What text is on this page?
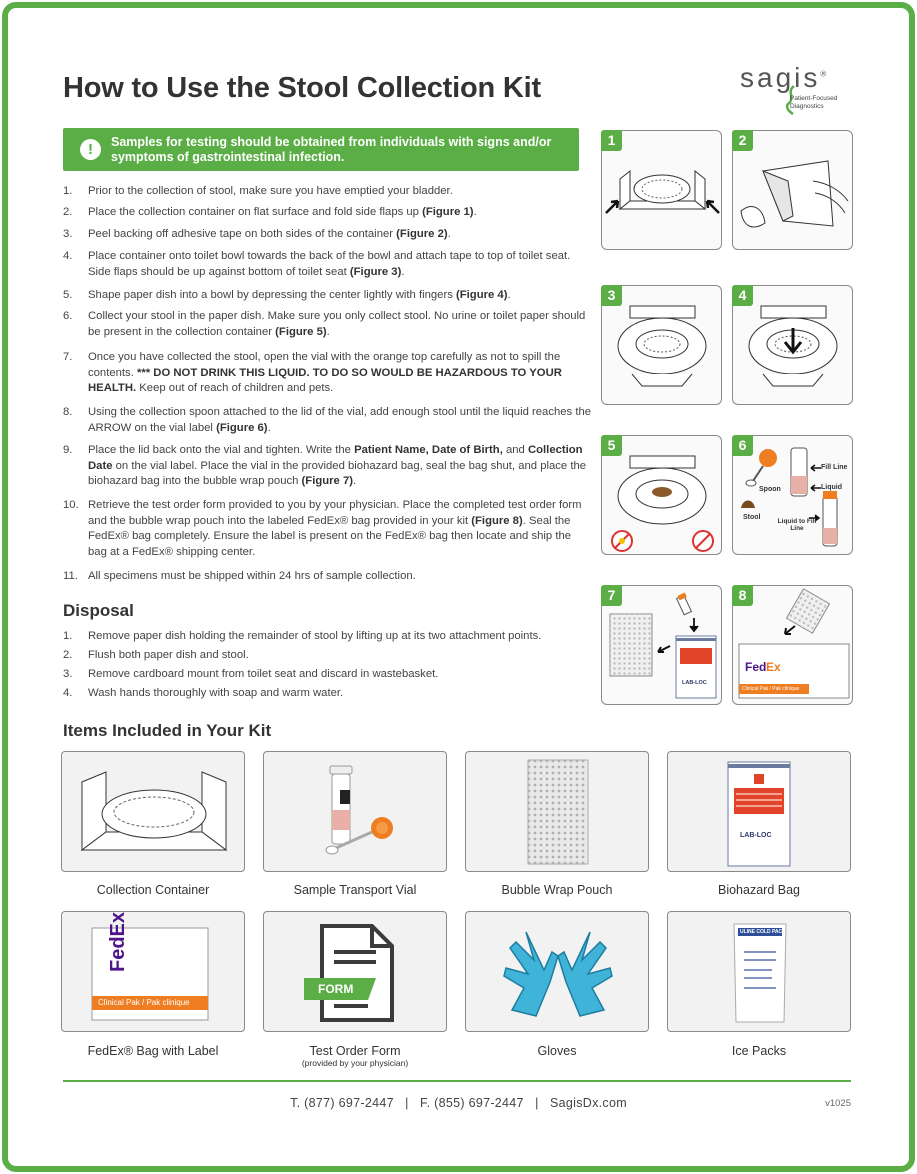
How to Use the Stool Collection Kit	sagis®
Patient-Focused
Diagnostics
!	Samples for testing should be obtained from individuals with signs and/or symptoms of gastrointestinal infection.
1. Prior to the collection of stool, make sure you have emptied your bladder.
2. Place the collection container on flat surface and fold side flaps up (Figure 1).
3. Peel backing off adhesive tape on both sides of the container (Figure 2).
4. Place container onto toilet bowl towards the back of the bowl and attach tape to top of toilet seat. Side flaps should be up against bottom of toilet seat (Figure 3).
5. Shape paper dish into a bowl by depressing the center lightly with fingers (Figure 4).
6. Collect your stool in the paper dish. Make sure you only collect stool. No urine or toilet paper should be present in the collection container (Figure 5).
7. Once you have collected the stool, open the vial with the orange top carefully as not to spill the contents. *** DO NOT DRINK THIS LIQUID. TO DO SO WOULD BE HAZARDOUS TO YOUR HEALTH. Keep out of reach of children and pets.
8. Using the collection spoon attached to the lid of the vial, add enough stool until the liquid reaches the ARROW on the vial label (Figure 6).
9. Place the lid back onto the vial and tighten. Write the Patient Name, Date of Birth, and Collection Date on the vial label. Place the vial in the provided biohazard bag, seal the bag shut, and place the biohazard bag into the bubble wrap pouch (Figure 7).
10. Retrieve the test order form provided to you by your physician. Place the completed test order form and the bubble wrap pouch into the labeled FedEx® bag provided in your kit (Figure 8). Seal the FedEx® bag completely. Ensure the label is present on the FedEx® bag then locate and ship the bag at a FedEx® shipping center.
11. All specimens must be shipped within 24 hrs of sample collection.
Disposal
1. Remove paper dish holding the remainder of stool by lifting up at its two attachment points.
2. Flush both paper dish and stool.
3. Remove cardboard mount from toilet seat and discard in wastebasket.
4. Wash hands thoroughly with soap and warm water.
1	2
3	4
5	6
Fill Line
Liquid
Spoon
Stool
Liquid to Fill Line
7
LAB-LOC
Fed Ex
8
Clinical Pak / Pak clinique
Items Included in Your Kit
Collection Container	Sample Transport Vial	Bubble Wrap Pouch
LAB-LOC
Biohazard Bag
FedEx
Clinical Pak / Pak clinique
FedEx® Bag with Label
FORM
Test Order Form
(provided by your physician)
Gloves
ULINE COLD PACK
Ice Packs
T. (877) 697-2447   |   F. (855) 697-2447   |   SagisDx.com	v1025
